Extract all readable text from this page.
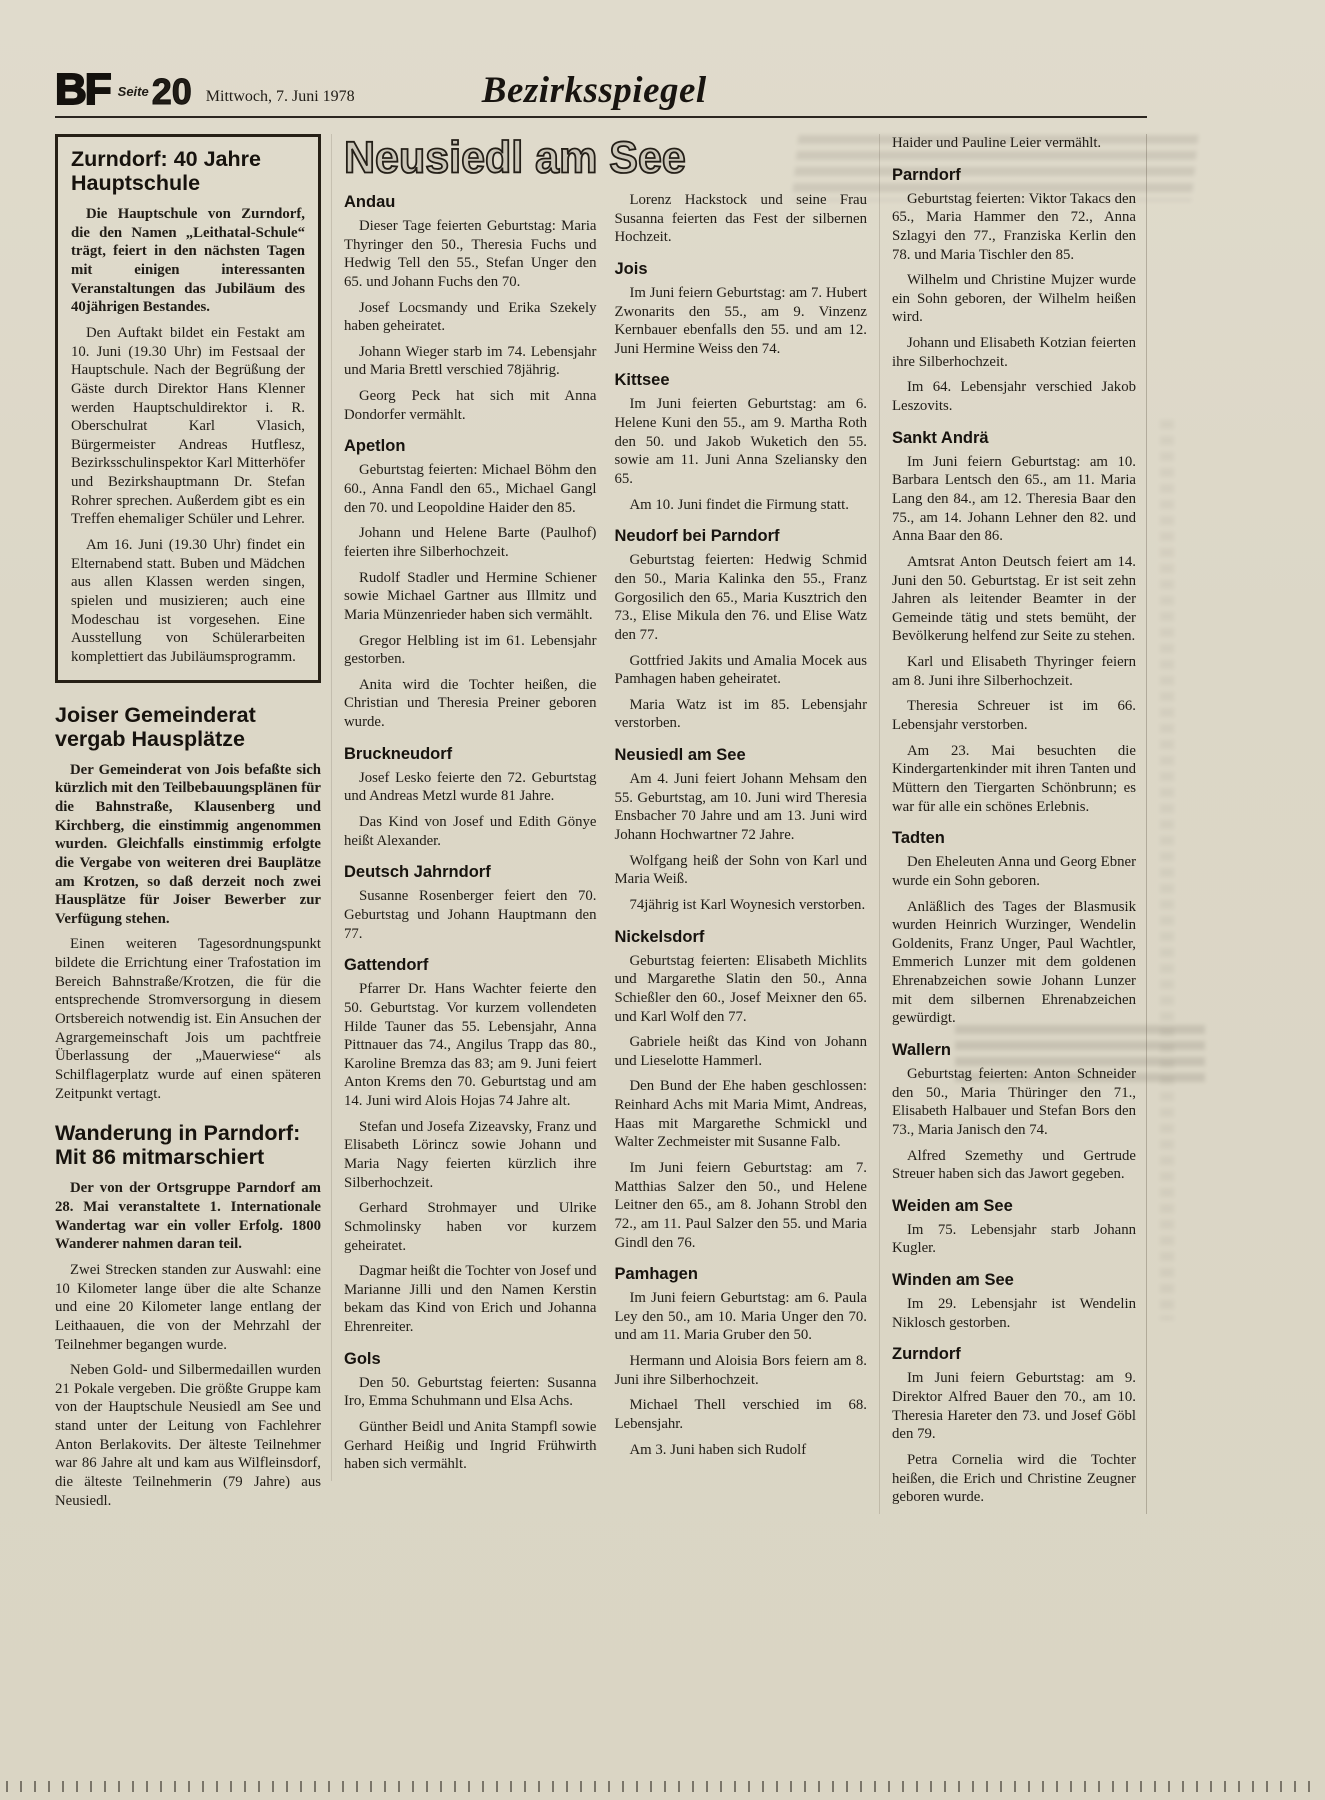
BF Seite 20 Mittwoch, 7. Juni 1978	Bezirksspiegel
Zurndorf: 40 Jahre Hauptschule

Die Hauptschule von Zurndorf, die den Namen „Leithatal-Schule“ trägt, feiert in den nächsten Tagen mit einigen interessanten Veranstaltungen das Jubiläum des 40jährigen Bestandes.

Den Auftakt bildet ein Festakt am 10. Juni (19.30 Uhr) im Festsaal der Hauptschule. Nach der Begrüßung der Gäste durch Direktor Hans Klenner werden Hauptschuldirektor i. R. Oberschulrat Karl Vlasich, Bürgermeister Andreas Hutflesz, Bezirksschulinspektor Karl Mitterhöfer und Bezirkshauptmann Dr. Stefan Rohrer sprechen. Außerdem gibt es ein Treffen ehemaliger Schüler und Lehrer.

Am 16. Juni (19.30 Uhr) findet ein Elternabend statt. Buben und Mädchen aus allen Klassen werden singen, spielen und musizieren; auch eine Modeschau ist vorgesehen. Eine Ausstellung von Schülerarbeiten komplettiert das Jubiläumsprogramm.

Joiser Gemeinderat vergab Hausplätze

Der Gemeinderat von Jois befaßte sich kürzlich mit den Teilbebauungsplänen für die Bahnstraße, Klausenberg und Kirchberg, die einstimmig angenommen wurden. Gleichfalls einstimmig erfolgte die Vergabe von weiteren drei Bauplätze am Krotzen, so daß derzeit noch zwei Hausplätze für Joiser Bewerber zur Verfügung stehen.

Einen weiteren Tagesordnungspunkt bildete die Errichtung einer Trafostation im Bereich Bahnstraße/Krotzen, die für die entsprechende Stromversorgung in diesem Ortsbereich notwendig ist. Ein Ansuchen der Agrargemeinschaft Jois um pachtfreie Überlassung der „Mauerwiese“ als Schilflagerplatz wurde auf einen späteren Zeitpunkt vertagt.

Wanderung in Parndorf: Mit 86 mitmarschiert

Der von der Ortsgruppe Parndorf am 28. Mai veranstaltete 1. Internationale Wandertag war ein voller Erfolg. 1800 Wanderer nahmen daran teil.

Zwei Strecken standen zur Auswahl: eine 10 Kilometer lange über die alte Schanze und eine 20 Kilometer lange entlang der Leithaauen, die von der Mehrzahl der Teilnehmer begangen wurde.

Neben Gold- und Silbermedaillen wurden 21 Pokale vergeben. Die größte Gruppe kam von der Hauptschule Neusiedl am See und stand unter der Leitung von Fachlehrer Anton Berlakovits. Der älteste Teilnehmer war 86 Jahre alt und kam aus Wilfleinsdorf, die älteste Teilnehmerin (79 Jahre) aus Neusiedl.

Neusiedl am See
Andau

Dieser Tage feierten Geburtstag: Maria Thyringer den 50., Theresia Fuchs und Hedwig Tell den 55., Stefan Unger den 65. und Johann Fuchs den 70.

Josef Locsmandy und Erika Szekely haben geheiratet.

Johann Wieger starb im 74. Lebensjahr und Maria Brettl verschied 78jährig.

Georg Peck hat sich mit Anna Dondorfer vermählt.

Apetlon

Geburtstag feierten: Michael Böhm den 60., Anna Fandl den 65., Michael Gangl den 70. und Leopoldine Haider den 85.

Johann und Helene Barte (Paulhof) feierten ihre Silberhochzeit.

Rudolf Stadler und Hermine Schiener sowie Michael Gartner aus Illmitz und Maria Münzenrieder haben sich vermählt.

Gregor Helbling ist im 61. Lebensjahr gestorben.

Anita wird die Tochter heißen, die Christian und Theresia Preiner geboren wurde.

Bruckneudorf

Josef Lesko feierte den 72. Geburtstag und Andreas Metzl wurde 81 Jahre.

Das Kind von Josef und Edith Gönye heißt Alexander.

Deutsch Jahrndorf

Susanne Rosenberger feiert den 70. Geburtstag und Johann Hauptmann den 77.

Gattendorf

Pfarrer Dr. Hans Wachter feierte den 50. Geburtstag. Vor kurzem vollendeten Hilde Tauner das 55. Lebensjahr, Anna Pittnauer das 74., Angilus Trapp das 80., Karoline Bremza das 83; am 9. Juni feiert Anton Krems den 70. Geburtstag und am 14. Juni wird Alois Hojas 74 Jahre alt.

Stefan und Josefa Zizeavsky, Franz und Elisabeth Lörincz sowie Johann und Maria Nagy feierten kürzlich ihre Silberhochzeit.

Gerhard Strohmayer und Ulrike Schmolinsky haben vor kurzem geheiratet.

Dagmar heißt die Tochter von Josef und Marianne Jilli und den Namen Kerstin bekam das Kind von Erich und Johanna Ehrenreiter.

Gols

Den 50. Geburtstag feierten: Susanna Iro, Emma Schuhmann und Elsa Achs.

Günther Beidl und Anita Stampfl sowie Gerhard Heißig und Ingrid Frühwirth haben sich vermählt.

Lorenz Hackstock und seine Frau Susanna feierten das Fest der silbernen Hochzeit.

Jois

Im Juni feiern Geburtstag: am 7. Hubert Zwonarits den 55., am 9. Vinzenz Kernbauer ebenfalls den 55. und am 12. Juni Hermine Weiss den 74.

Kittsee

Im Juni feierten Geburtstag: am 6. Helene Kuni den 55., am 9. Martha Roth den 50. und Jakob Wuketich den 55. sowie am 11. Juni Anna Szeliansky den 65.

Am 10. Juni findet die Firmung statt.

Neudorf bei Parndorf

Geburtstag feierten: Hedwig Schmid den 50., Maria Kalinka den 55., Franz Gorgosilich den 65., Maria Kusztrich den 73., Elise Mikula den 76. und Elise Watz den 77.

Gottfried Jakits und Amalia Mocek aus Pamhagen haben geheiratet.

Maria Watz ist im 85. Lebensjahr verstorben.

Neusiedl am See

Am 4. Juni feiert Johann Mehsam den 55. Geburtstag, am 10. Juni wird Theresia Ensbacher 70 Jahre und am 13. Juni wird Johann Hochwartner 72 Jahre.

Wolfgang heiß der Sohn von Karl und Maria Weiß.

74jährig ist Karl Woynesich verstorben.

Nickelsdorf

Geburtstag feierten: Elisabeth Michlits und Margarethe Slatin den 50., Anna Schießler den 60., Josef Meixner den 65. und Karl Wolf den 77.

Gabriele heißt das Kind von Johann und Lieselotte Hammerl.

Den Bund der Ehe haben geschlossen: Reinhard Achs mit Maria Mimt, Andreas, Haas mit Margarethe Schmickl und Walter Zechmeister mit Susanne Falb.

Im Juni feiern Geburtstag: am 7. Matthias Salzer den 50., und Helene Leitner den 65., am 8. Johann Strobl den 72., am 11. Paul Salzer den 55. und Maria Gindl den 76.

Pamhagen

Im Juni feiern Geburtstag: am 6. Paula Ley den 50., am 10. Maria Unger den 70. und am 11. Maria Gruber den 50.

Hermann und Aloisia Bors feiern am 8. Juni ihre Silberhochzeit.

Michael Thell verschied im 68. Lebensjahr.

Am 3. Juni haben sich Rudolf

Haider und Pauline Leier vermählt.

Parndorf

Geburtstag feierten: Viktor Takacs den 65., Maria Hammer den 72., Anna Szlagyi den 77., Franziska Kerlin den 78. und Maria Tischler den 85.

Wilhelm und Christine Mujzer wurde ein Sohn geboren, der Wilhelm heißen wird.

Johann und Elisabeth Kotzian feierten ihre Silberhochzeit.

Im 64. Lebensjahr verschied Jakob Leszovits.

Sankt Andrä

Im Juni feiern Geburtstag: am 10. Barbara Lentsch den 65., am 11. Maria Lang den 84., am 12. Theresia Baar den 75., am 14. Johann Lehner den 82. und Anna Baar den 86.

Amtsrat Anton Deutsch feiert am 14. Juni den 50. Geburtstag. Er ist seit zehn Jahren als leitender Beamter in der Gemeinde tätig und stets bemüht, der Bevölkerung helfend zur Seite zu stehen.

Karl und Elisabeth Thyringer feiern am 8. Juni ihre Silberhochzeit.

Theresia Schreuer ist im 66. Lebensjahr verstorben.

Am 23. Mai besuchten die Kindergartenkinder mit ihren Tanten und Müttern den Tiergarten Schönbrunn; es war für alle ein schönes Erlebnis.

Tadten

Den Eheleuten Anna und Georg Ebner wurde ein Sohn geboren.

Anläßlich des Tages der Blasmusik wurden Heinrich Wurzinger, Wendelin Goldenits, Franz Unger, Paul Wachtler, Emmerich Lunzer mit dem goldenen Ehrenabzeichen sowie Johann Lunzer mit dem silbernen Ehrenabzeichen gewürdigt.

Wallern

Geburtstag feierten: Anton Schneider den 50., Maria Thüringer den 71., Elisabeth Halbauer und Stefan Bors den 73., Maria Janisch den 74.

Alfred Szemethy und Gertrude Streuer haben sich das Jawort gegeben.

Weiden am See

Im 75. Lebensjahr starb Johann Kugler.

Winden am See

Im 29. Lebensjahr ist Wendelin Niklosch gestorben.

Zurndorf

Im Juni feiern Geburtstag: am 9. Direktor Alfred Bauer den 70., am 10. Theresia Hareter den 73. und Josef Göbl den 79.

Petra Cornelia wird die Tochter heißen, die Erich und Christine Zeugner geboren wurde.
